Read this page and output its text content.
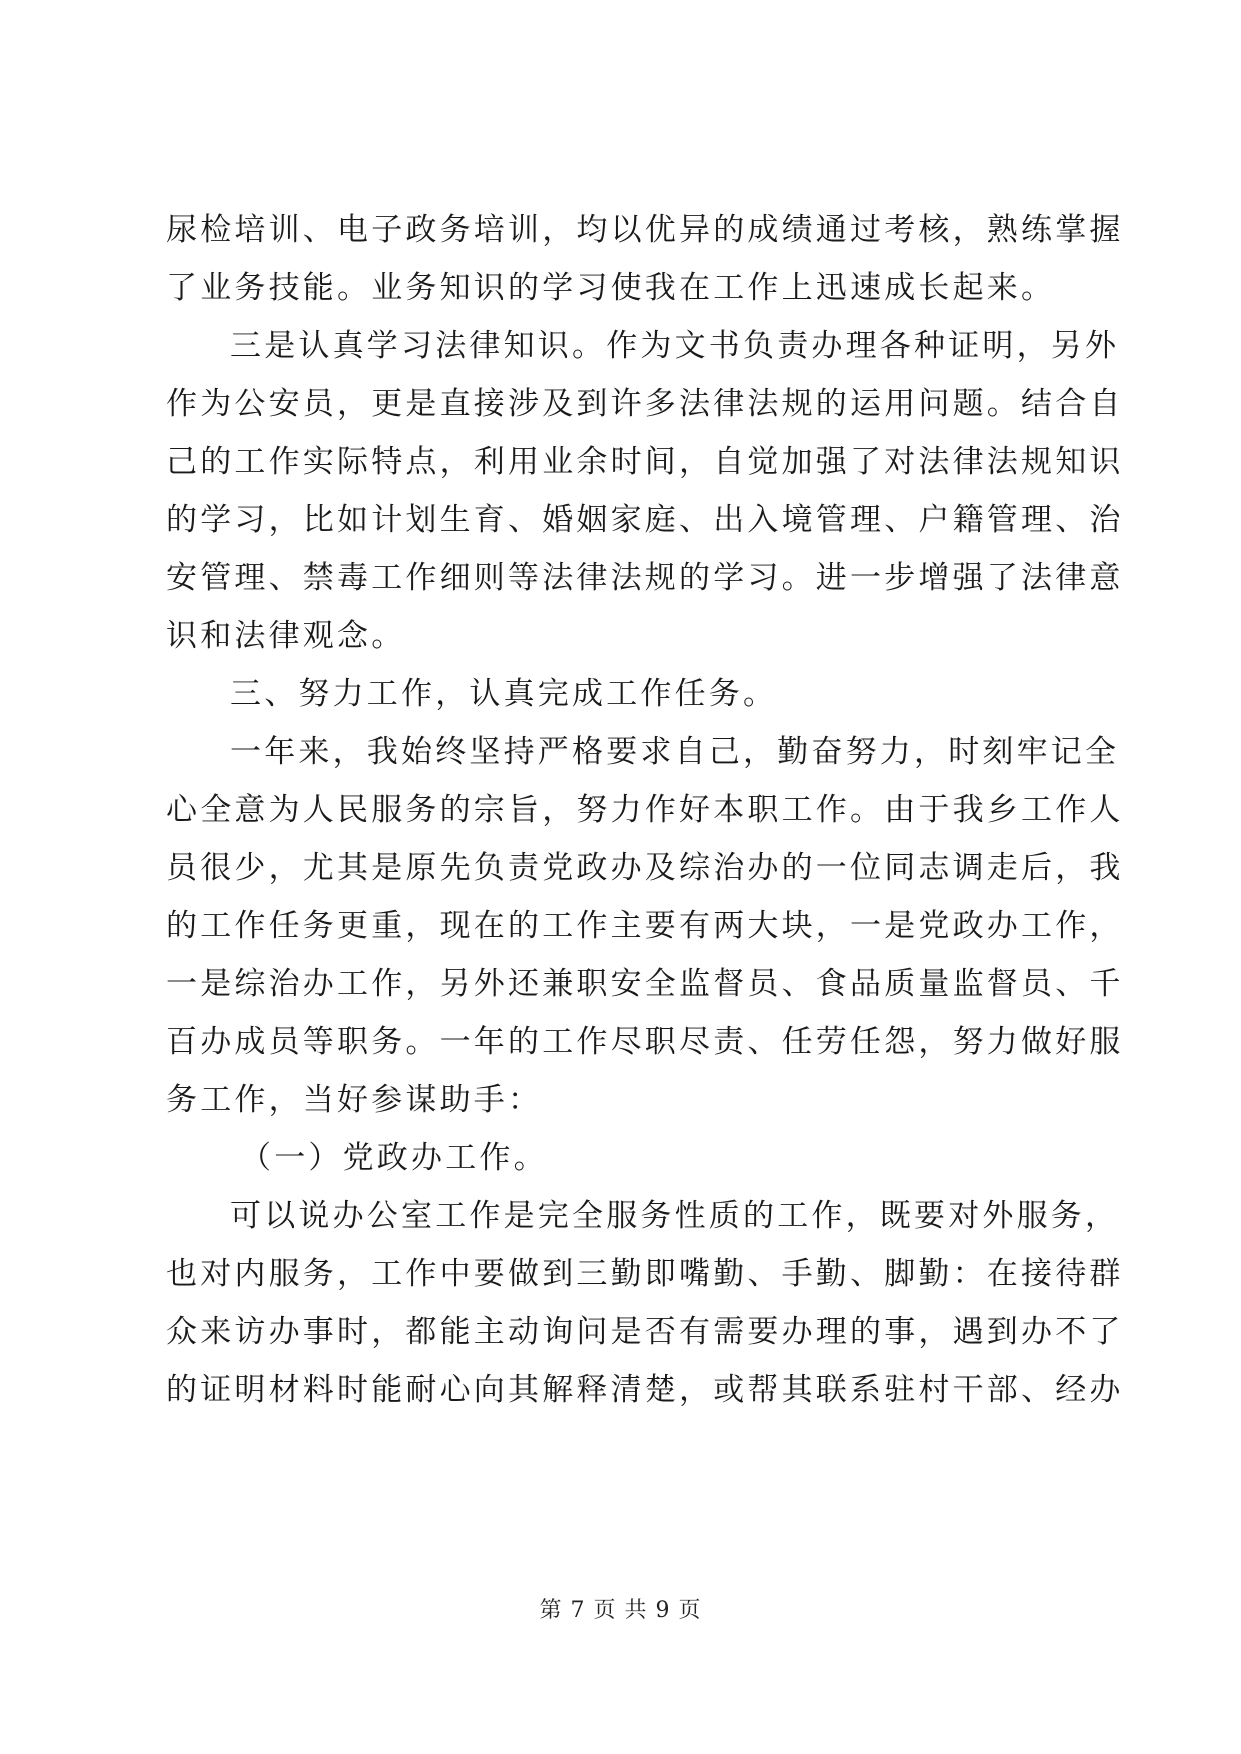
尿检培训、电子政务培训，均以优异的成绩通过考核，熟练掌握
了业务技能。业务知识的学习使我在工作上迅速成长起来。
三是认真学习法律知识。作为文书负责办理各种证明，另外
作为公安员，更是直接涉及到许多法律法规的运用问题。结合自
己的工作实际特点，利用业余时间，自觉加强了对法律法规知识
的学习，比如计划生育、婚姻家庭、出入境管理、户籍管理、治
安管理、禁毒工作细则等法律法规的学习。进一步增强了法律意
识和法律观念。
三、努力工作，认真完成工作任务。
一年来，我始终坚持严格要求自己，勤奋努力，时刻牢记全
心全意为人民服务的宗旨，努力作好本职工作。由于我乡工作人
员很少，尤其是原先负责党政办及综治办的一位同志调走后，我
的工作任务更重，现在的工作主要有两大块，一是党政办工作，
一是综治办工作，另外还兼职安全监督员、食品质量监督员、千
百办成员等职务。一年的工作尽职尽责、任劳任怨，努力做好服
务工作，当好参谋助手：
（一）党政办工作。
可以说办公室工作是完全服务性质的工作，既要对外服务，
也对内服务，工作中要做到三勤即嘴勤、手勤、脚勤：在接待群
众来访办事时，都能主动询问是否有需要办理的事，遇到办不了
的证明材料时能耐心向其解释清楚，或帮其联系驻村干部、经办
第 7 页 共 9 页
